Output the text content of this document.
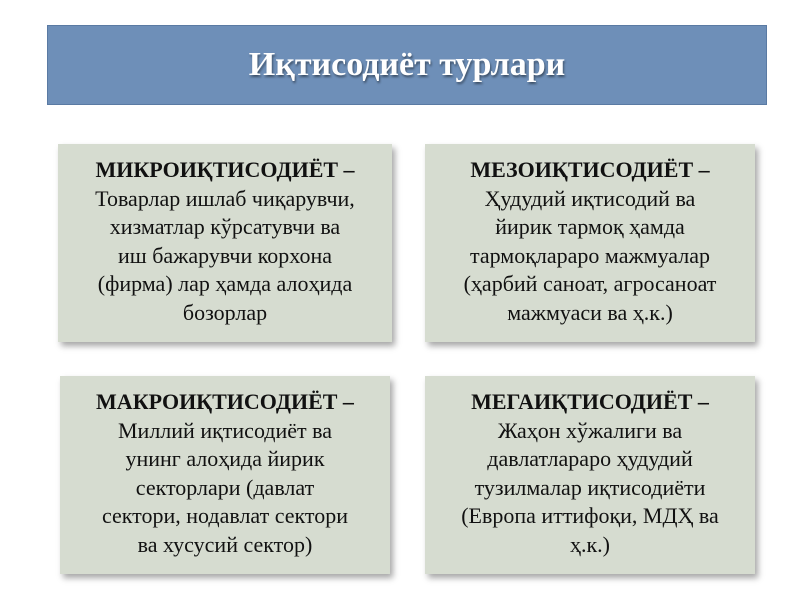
Иқтисодиёт турлари
МИКРОИҚТИСОДИЁТ –
Товарлар ишлаб чиқарувчи,
хизматлар кўрсатувчи ва
иш бажарувчи корхона
(фирма) лар ҳамда алоҳида
бозорлар
МЕЗОИҚТИСОДИЁТ –
Ҳудудий иқтисодий ва
йирик тармоқ ҳамда
тармоқлараро мажмуалар
(ҳарбий саноат, агросаноат
мажмуаси ва ҳ.к.)
МАКРОИҚТИСОДИЁТ –
Миллий иқтисодиёт ва
унинг алоҳида йирик
секторлари (давлат
сектори, нодавлат сектори
ва хусусий сектор)
МЕГАИҚТИСОДИЁТ –
Жаҳон хўжалиги ва
давлатлараро ҳудудий
тузилмалар иқтисодиёти
(Европа иттифоқи, МДҲ ва
ҳ.к.)
